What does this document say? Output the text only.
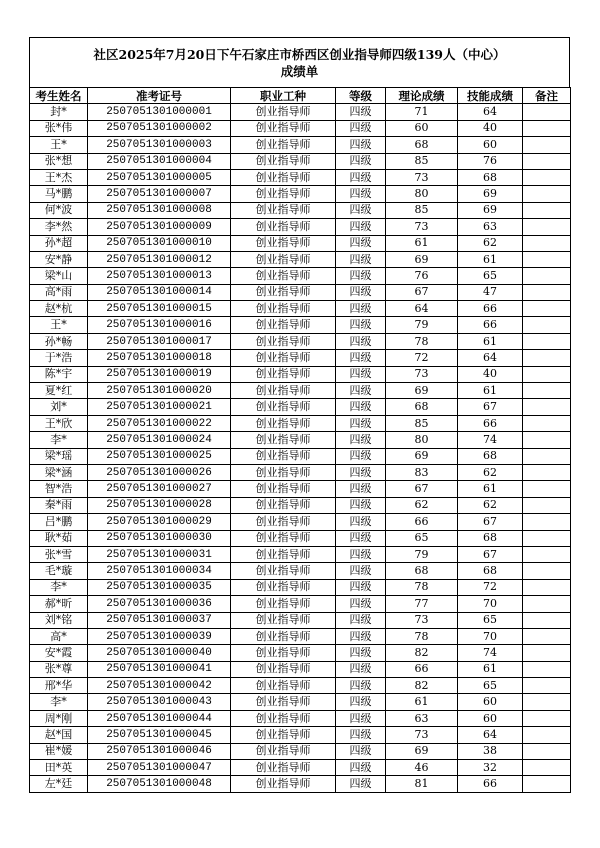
社区2025年7月20日下午石家庄市桥西区创业指导师四级139人（中心）
成绩单
考生姓名	准考证号	职业工种	等级	理论成绩	技能成绩	备注
封*	2507051301000001	创业指导师	四级	71	64	
张*伟	2507051301000002	创业指导师	四级	60	40	
王*	2507051301000003	创业指导师	四级	68	60	
张*想	2507051301000004	创业指导师	四级	85	76	
王*杰	2507051301000005	创业指导师	四级	73	68	
马*鹏	2507051301000007	创业指导师	四级	80	69	
何*波	2507051301000008	创业指导师	四级	85	69	
李*然	2507051301000009	创业指导师	四级	73	63	
孙*超	2507051301000010	创业指导师	四级	61	62	
安*静	2507051301000012	创业指导师	四级	69	61	
梁*山	2507051301000013	创业指导师	四级	76	65	
高*雨	2507051301000014	创业指导师	四级	67	47	
赵*杭	2507051301000015	创业指导师	四级	64	66	
王*	2507051301000016	创业指导师	四级	79	66	
孙*畅	2507051301000017	创业指导师	四级	78	61	
于*浩	2507051301000018	创业指导师	四级	72	64	
陈*宇	2507051301000019	创业指导师	四级	73	40	
夏*红	2507051301000020	创业指导师	四级	69	61	
刘*	2507051301000021	创业指导师	四级	68	67	
王*欣	2507051301000022	创业指导师	四级	85	66	
李*	2507051301000024	创业指导师	四级	80	74	
梁*瑶	2507051301000025	创业指导师	四级	69	68	
梁*涵	2507051301000026	创业指导师	四级	83	62	
智*浩	2507051301000027	创业指导师	四级	67	61	
秦*雨	2507051301000028	创业指导师	四级	62	62	
吕*鹏	2507051301000029	创业指导师	四级	66	67	
耿*茹	2507051301000030	创业指导师	四级	65	68	
张*雪	2507051301000031	创业指导师	四级	79	67	
毛*璇	2507051301000034	创业指导师	四级	68	68	
李*	2507051301000035	创业指导师	四级	78	72	
郝*昕	2507051301000036	创业指导师	四级	77	70	
刘*铭	2507051301000037	创业指导师	四级	73	65	
高*	2507051301000039	创业指导师	四级	78	70	
安*霞	2507051301000040	创业指导师	四级	82	74	
张*尊	2507051301000041	创业指导师	四级	66	61	
邢*华	2507051301000042	创业指导师	四级	82	65	
李*	2507051301000043	创业指导师	四级	61	60	
周*刚	2507051301000044	创业指导师	四级	63	60	
赵*国	2507051301000045	创业指导师	四级	73	64	
崔*媛	2507051301000046	创业指导师	四级	69	38	
田*英	2507051301000047	创业指导师	四级	46	32	
左*廷	2507051301000048	创业指导师	四级	81	66	
